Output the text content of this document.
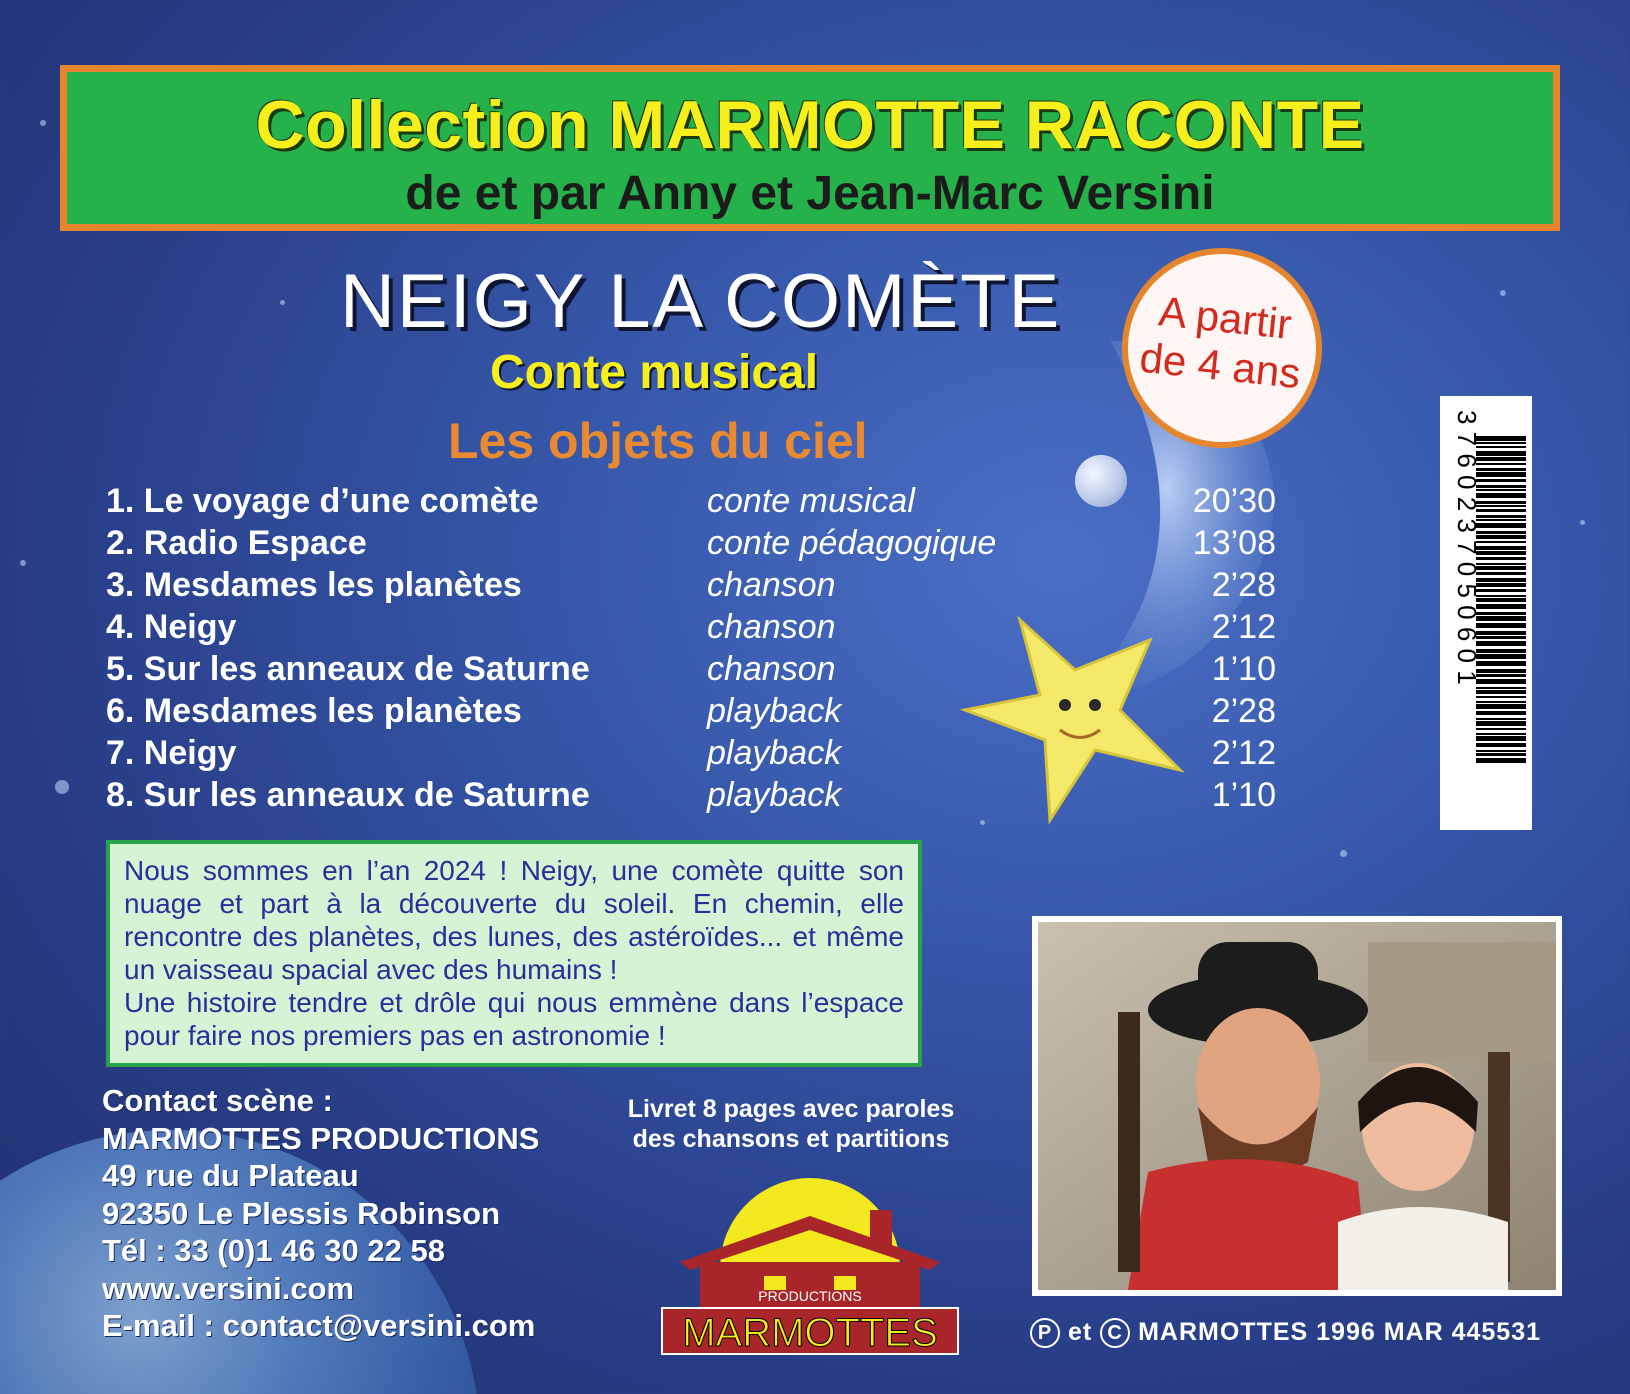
Collection MARMOTTE RACONTE
de et par Anny et Jean-Marc Versini
NEIGY LA COMÈTE
Conte musical
Les objets du ciel
A partir
de 4 ans
1. Le voyage d’une comète	conte musical	20’30
2. Radio Espace	conte pédagogique	13’08
3. Mesdames les planètes	chanson	2’28
4. Neigy	chanson	2’12
5. Sur les anneaux de Saturne	chanson	1’10
6. Mesdames les planètes	playback	2’28
7. Neigy	playback	2’12
8. Sur les anneaux de Saturne	playback	1’10
3 7 6 0 2 3 7 0 5 0 6 0 1

Nous sommes en l’an 2024 ! Neigy, une comète quitte son nuage et part à la découverte du soleil. En chemin, elle rencontre des planètes, des lunes, des astéroïdes... et même un vaisseau spacial avec des humains !

Une histoire tendre et drôle qui nous emmène dans l’espace pour faire nos premiers pas en astronomie !

Contact scène :
MARMOTTES PRODUCTIONS
49 rue du Plateau
92350 Le Plessis Robinson
Tél : 33 (0)1 46 30 22 58
www.versini.com
E-mail : contact@versini.com
Livret 8 pages avec paroles
des chansons et partitions
PRODUCTIONS
MARMOTTES	P et C MARMOTTES 1996 MAR 445531
